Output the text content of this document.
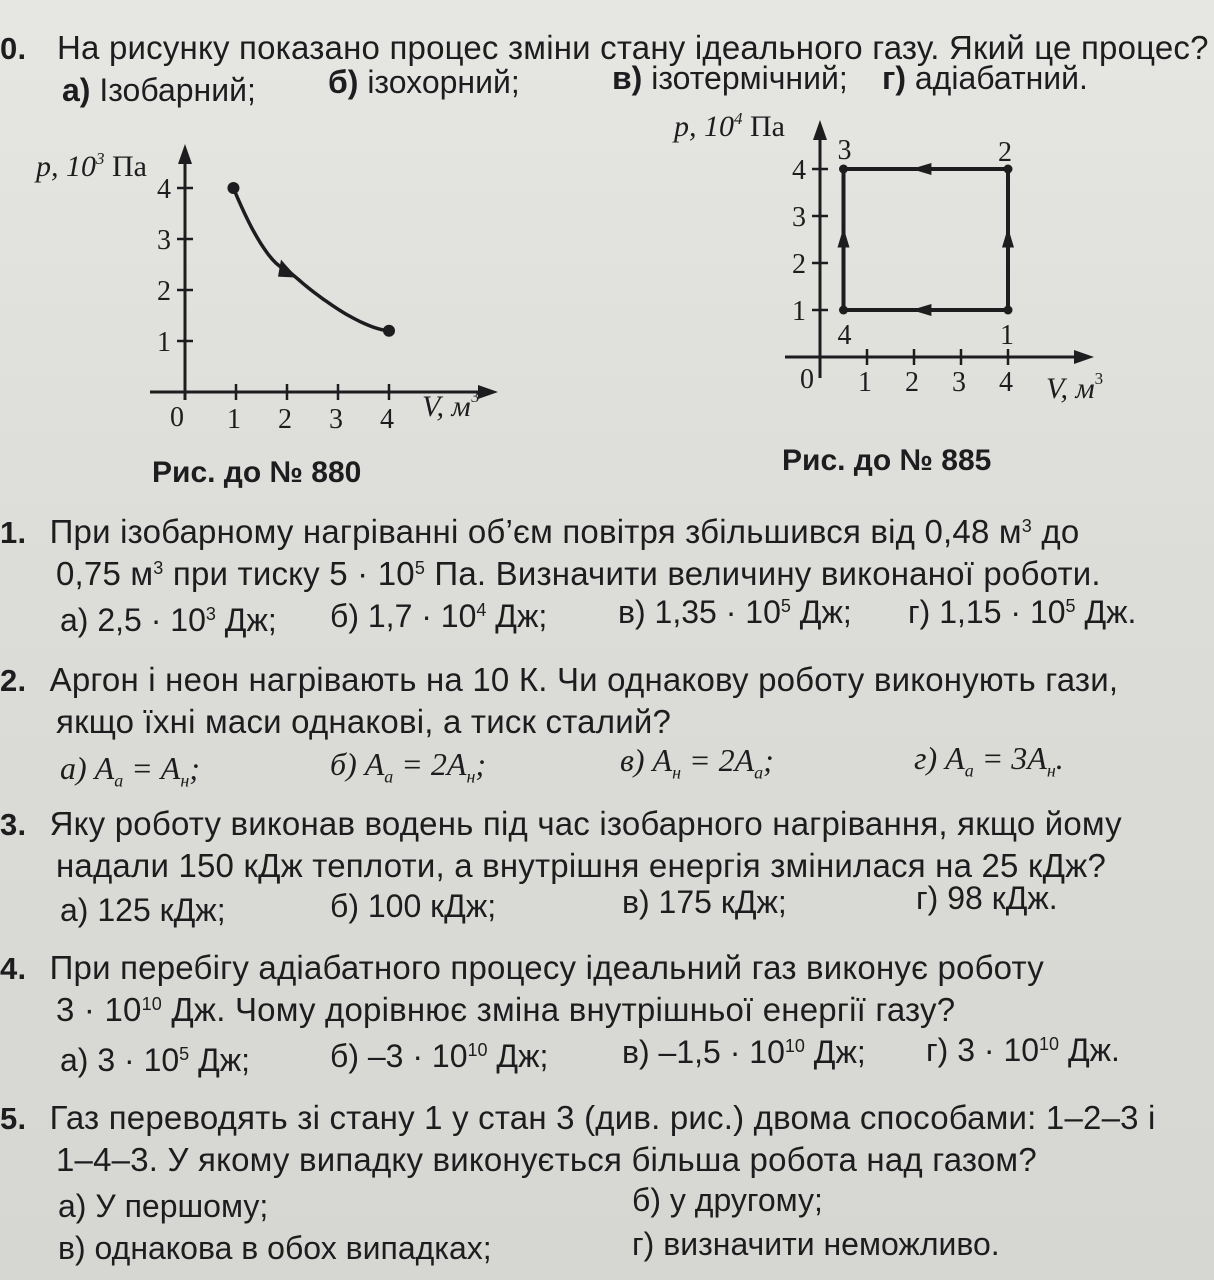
0. На рисунку показано процес зміни стану ідеального газу. Який це процес?
а) Ізобарний; б) ізохорний;	в) ізотермічний; г) адіабатний.
1 2 3 4
1
2
3
4
0
p, $10^3$ Па
V, $м^3$
Рис. до № 880
1 2 3 4
1
2
3
4
0
p, $10^4$ Па
V, $м^3$
1
2
3
4
Рис. до № 885
1. При ізобарному нагріванні об’єм повітря збільшився від 0,48 $м^3$ до
0,75 $м^3$ при тиску $5 \cdot 10^5$ Па. Визначити величину виконаної роботи.
а) $2,5 \cdot 10^3$ Дж; б) $1,7 \cdot 10^4$ Дж; в) $1,35 \cdot 10^5$ Дж; г) $1,15 \cdot 10^5$ Дж.
2. Аргон і неон нагрівають на 10 К. Чи однакову роботу виконують гази,
якщо їхні маси однакові, а тиск сталий?
а) $A_а = A_н$;	б) $A_а = 2A_н$;	в) $A_н = 2A_а$;	г) $A_а = 3A_н$.
3. Яку роботу виконав водень під час ізобарного нагрівання, якщо йому
надали 150 кДж теплоти, а внутрішня енергія змінилася на 25 кДж?
а) 125 кДж;	б) 100 кДж;	в) 175 кДж;	г) 98 кДж.
4. При перебігу адіабатного процесу ідеальний газ виконує роботу
$3 \cdot 10^{10}$ Дж. Чому дорівнює зміна внутрішньої енергії газу?
а) $3 \cdot 10^5$ Дж; б) $-3 \cdot 10^{10}$ Дж; в) $-1,5 \cdot 10^{10}$ Дж; г) $3 \cdot 10^{10}$ Дж.
5. Газ переводять зі стану 1 у стан 3 (див. рис.) двома способами: 1–2–3 і
1–4–3. У якому випадку виконується більша робота над газом?
а) У першому;	б) у другому;
в) однакова в обох випадках;	г) визначити неможливо.
